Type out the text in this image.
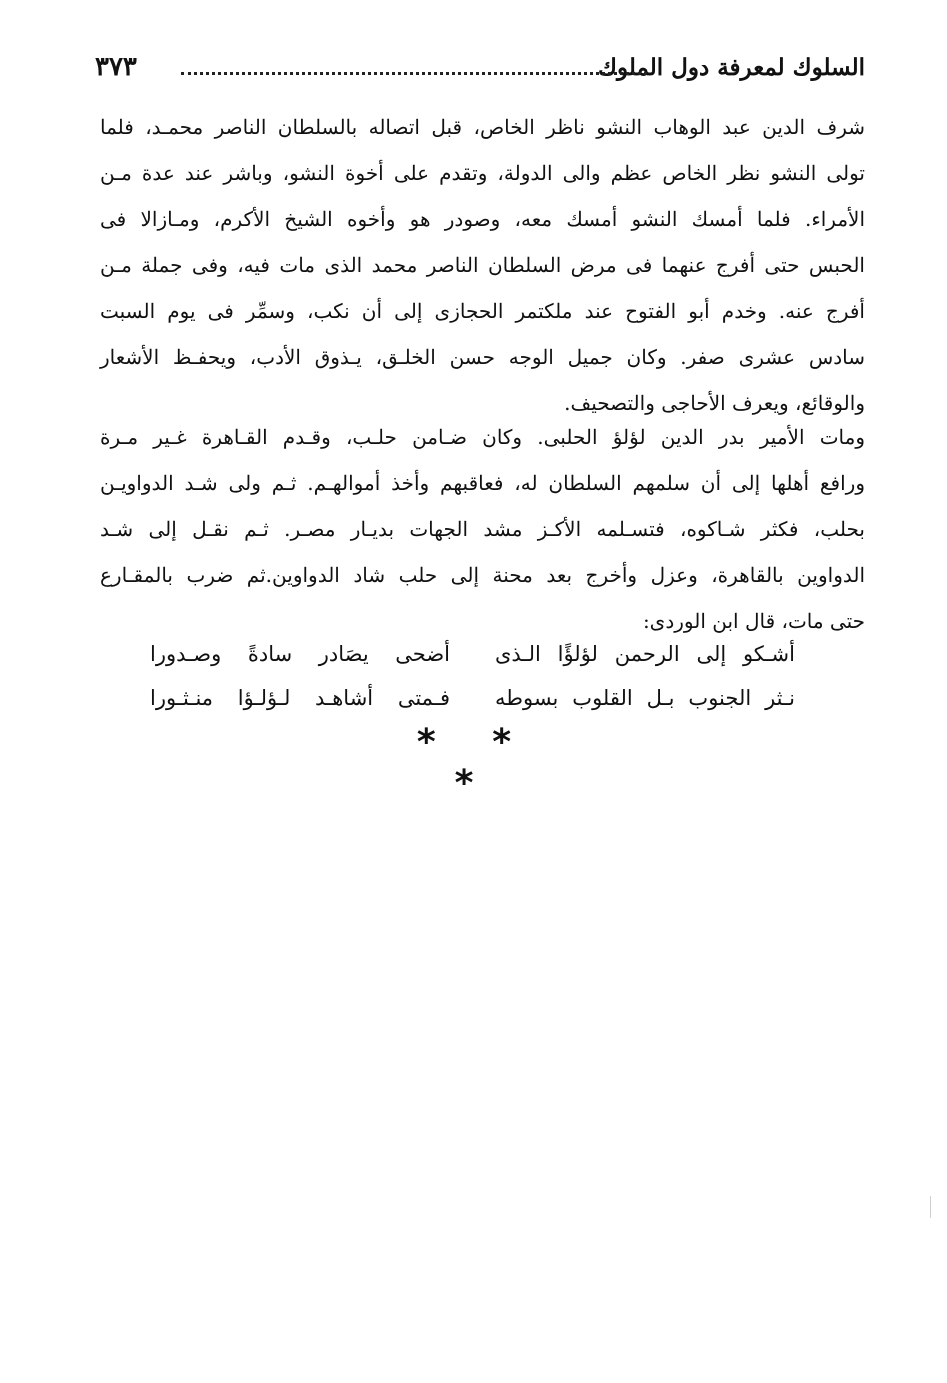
السلوك لمعرفة دول الملوك
٣٧٣
شرف الدين عبد الوهاب النشو ناظر الخاص، قبل اتصاله بالسلطان الناصر محمـد، فلما
تولى النشو نظر الخاص عظم والى الدولة، وتقدم على أخوة النشو، وباشر عند عدة مـن
الأمراء. فلما أمسك النشو أمسك معه، وصودر هو وأخوه الشيخ الأكرم، ومـازالا فى
الحبس حتى أفرج عنهما فى مرض السلطان الناصر محمد الذى مات فيه، وفى جملة مـن
أفرج عنه. وخدم أبو الفتوح عند ملكتمر الحجازى إلى أن نكب، وسمِّر فى يوم السبت
سادس عشرى صفر. وكان جميل الوجه حسن الخلـق، يـذوق الأدب، ويحفـظ الأشعار
والوقائع، ويعرف الأحاجى والتصحيف.
ومات الأمير بدر الدين لؤلؤ الحلبى. وكان ضـامن حلـب، وقـدم القـاهرة غـير مـرة
ورافع أهلها إلى أن سلمهم السلطان له، فعاقبهم وأخذ أموالهـم. ثـم ولى شـد الدواويـن
بحلب، فكثر شـاكوه، فتسـلمه الأكـز مشد الجهات بديـار مصـر. ثـم نقـل إلى شـد
الدواوين بالقاهرة، وعزل وأخرج بعد محنة إلى حلب شاد الدواوين.ثم ضرب بالمقـارع
حتى مات، قال ابن الوردى:
أشـكو إلى الرحمن لؤلؤًا الـذى
أضحى يصَادر سادةً وصـدورا
نـثر الجنوب بـل القلوب بسوطه
فـمتى أشاهـد لـؤلـؤا منـثـورا
* * *
